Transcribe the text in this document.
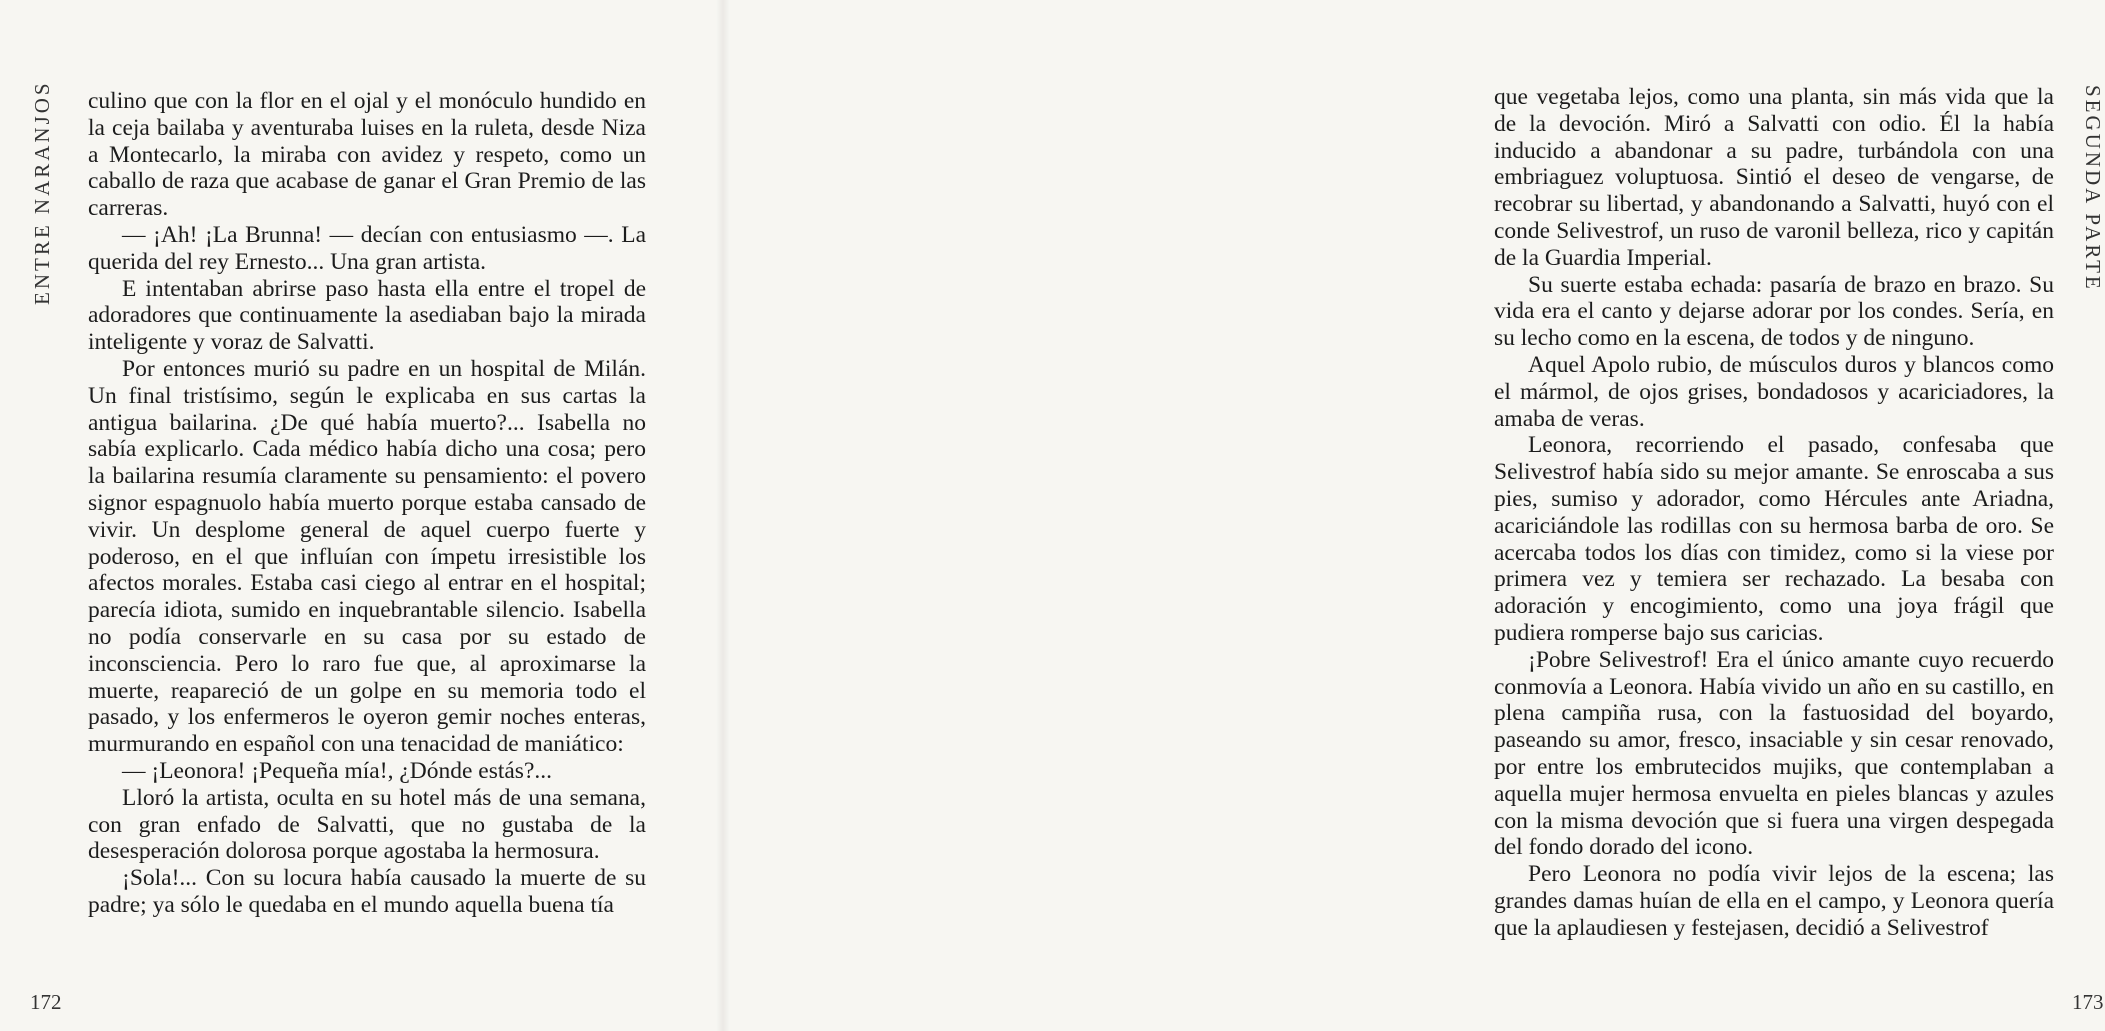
ENTRE NARANJOS culino que con la flor en el ojal y el monóculo hundido en la ceja bailaba y aventuraba luises en la ruleta, desde Niza a Montecarlo, la miraba con avidez y respeto, como un caballo de raza que acabase de ganar el Gran Premio de las carreras.

— ¡Ah! ¡La Brunna! — decían con entusiasmo —. La querida del rey Ernesto... Una gran artista.

E intentaban abrirse paso hasta ella entre el tropel de adoradores que continuamente la asediaban bajo la mirada inteligente y voraz de Salvatti.

Por entonces murió su padre en un hospital de Milán. Un final tristísimo, según le explicaba en sus cartas la antigua bailarina. ¿De qué había muerto?... Isabella no sabía explicarlo. Cada médico había dicho una cosa; pero la bailarina resumía claramente su pensamiento: el povero signor espagnuolo había muerto porque estaba cansado de vivir. Un desplome general de aquel cuerpo fuerte y poderoso, en el que influían con ímpetu irresistible los afectos morales. Estaba casi ciego al entrar en el hospital; parecía idiota, sumido en inquebrantable silencio. Isabella no podía conservarle en su casa por su estado de inconsciencia. Pero lo raro fue que, al aproximarse la muerte, reapareció de un golpe en su memoria todo el pasado, y los enfermeros le oyeron gemir noches enteras, murmurando en español con una tenacidad de maniático:

— ¡Leonora! ¡Pequeña mía!, ¿Dónde estás?...

Lloró la artista, oculta en su hotel más de una semana, con gran enfado de Salvatti, que no gustaba de la desesperación dolorosa porque agostaba la hermosura.

¡Sola!... Con su locura había causado la muerte de su padre; ya sólo le quedaba en el mundo aquella buena tía

172

que vegetaba lejos, como una planta, sin más vida que la de la devoción. Miró a Salvatti con odio. Él la había inducido a abandonar a su padre, turbándola con una embriaguez voluptuosa. Sintió el deseo de vengarse, de recobrar su libertad, y abandonando a Salvatti, huyó con el conde Selivestrof, un ruso de varonil belleza, rico y capitán de la Guardia Imperial.

Su suerte estaba echada: pasaría de brazo en brazo. Su vida era el canto y dejarse adorar por los condes. Sería, en su lecho como en la escena, de todos y de ninguno.

Aquel Apolo rubio, de músculos duros y blancos como el mármol, de ojos grises, bondadosos y acariciadores, la amaba de veras.

Leonora, recorriendo el pasado, confesaba que Selivestrof había sido su mejor amante. Se enroscaba a sus pies, sumiso y adorador, como Hércules ante Ariadna, acariciándole las rodillas con su hermosa barba de oro. Se acercaba todos los días con timidez, como si la viese por primera vez y temiera ser rechazado. La besaba con adoración y encogimiento, como una joya frágil que pudiera romperse bajo sus caricias.

¡Pobre Selivestrof! Era el único amante cuyo recuerdo conmovía a Leonora. Había vivido un año en su castillo, en plena campiña rusa, con la fastuosidad del boyardo, paseando su amor, fresco, insaciable y sin cesar renovado, por entre los embrutecidos mujiks, que contemplaban a aquella mujer hermosa envuelta en pieles blancas y azules con la misma devoción que si fuera una virgen despegada del fondo dorado del icono.

Pero Leonora no podía vivir lejos de la escena; las grandes damas huían de ella en el campo, y Leonora quería que la aplaudiesen y festejasen, decidió a Selivestrof

SEGUNDA PARTE
173
